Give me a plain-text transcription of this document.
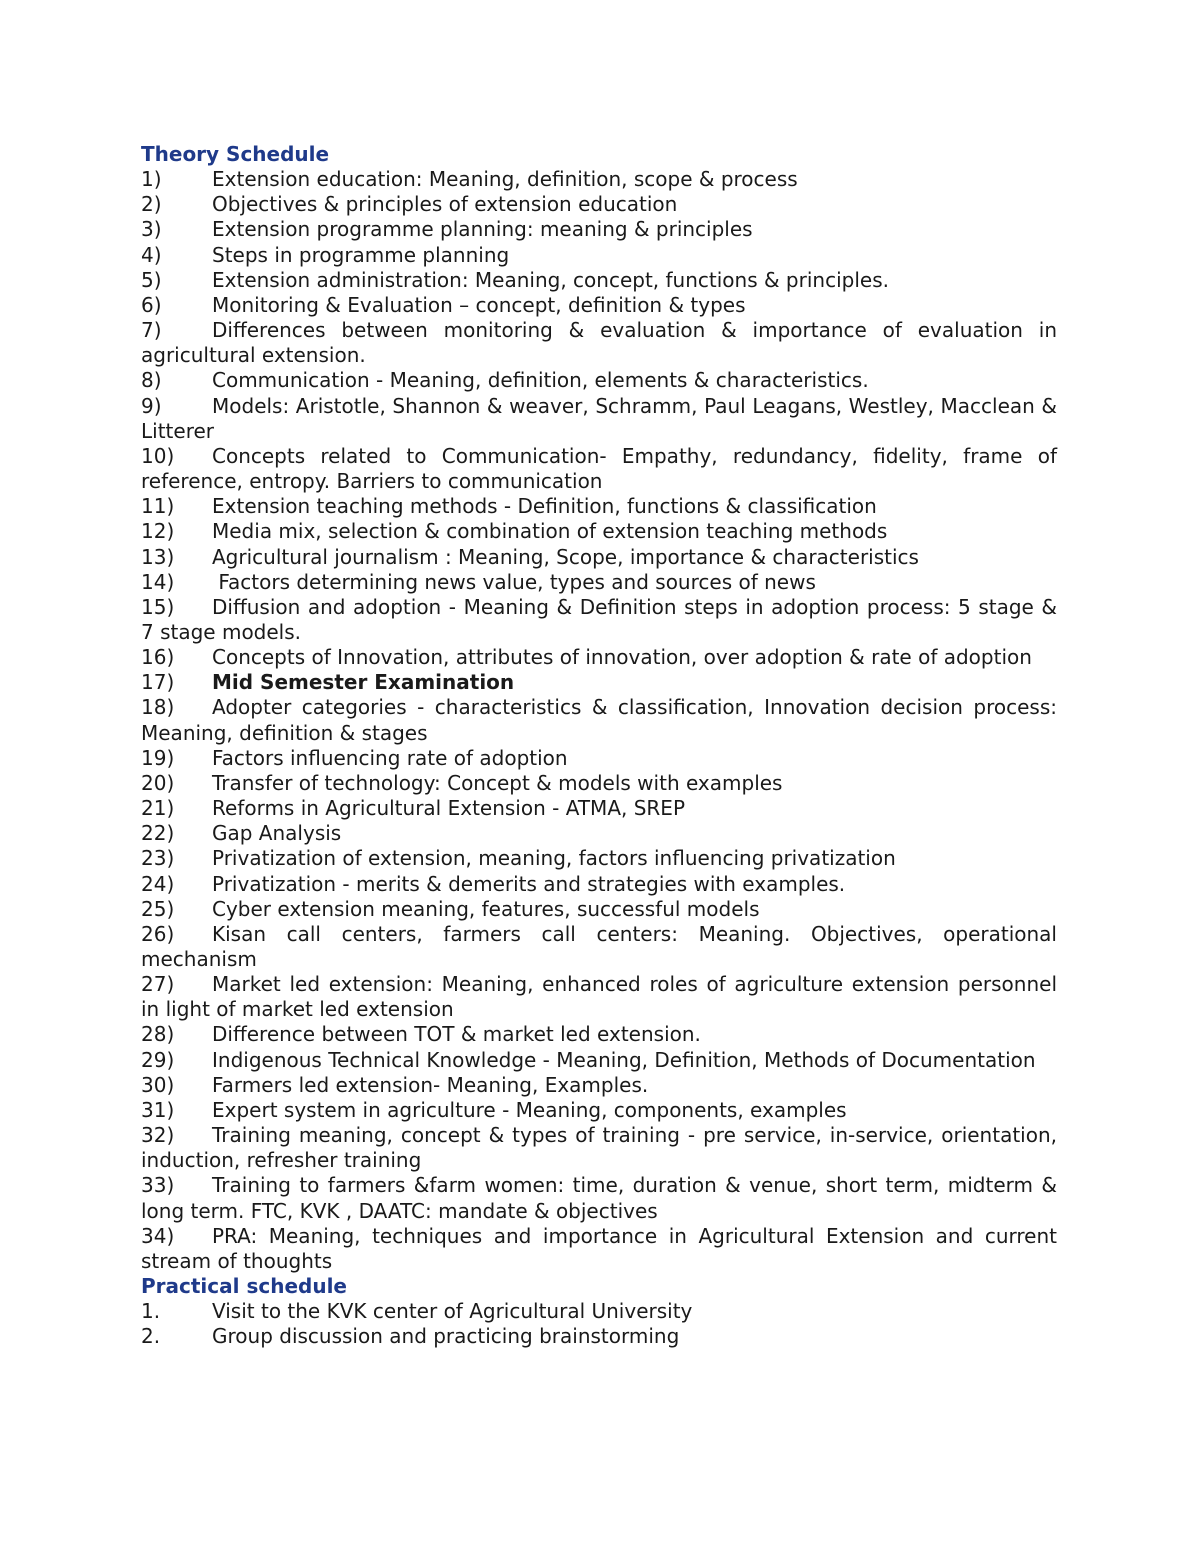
Theory Schedule
1)	Extension education: Meaning, definition, scope & process
2)	Objectives & principles of extension education
3)	Extension programme planning: meaning & principles
4)	Steps in programme planning
5)	Extension administration: Meaning, concept, functions & principles.
6)	Monitoring & Evaluation – concept, definition & types
7)	Differences between monitoring & evaluation & importance of evaluation in agricultural extension.
8)	Communication - Meaning, definition, elements & characteristics.
9)	Models: Aristotle, Shannon & weaver, Schramm, Paul Leagans, Westley, Macclean & Litterer
10) Concepts related to Communication- Empathy, redundancy, fidelity, frame of reference, entropy. Barriers to communication
11) Extension teaching methods - Definition, functions & classification
12) Media mix, selection & combination of extension teaching methods
13) Agricultural journalism : Meaning, Scope, importance & characteristics
14) Factors determining news value, types and sources of news
15) Diffusion and adoption - Meaning & Definition steps in adoption process: 5 stage & 7 stage models.
16) Concepts of Innovation, attributes of innovation, over adoption & rate of adoption
17) Mid Semester Examination
18) Adopter categories - characteristics & classification, Innovation decision process: Meaning, definition & stages
19) Factors influencing rate of adoption
20) Transfer of technology: Concept & models with examples
21) Reforms in Agricultural Extension - ATMA, SREP
22) Gap Analysis
23) Privatization of extension, meaning, factors influencing privatization
24) Privatization - merits & demerits and strategies with examples.
25) Cyber extension meaning, features, successful models
26) Kisan call centers, farmers call centers: Meaning. Objectives, operational mechanism
27) Market led extension: Meaning, enhanced roles of agriculture extension personnel in light of market led extension
28) Difference between TOT & market led extension.
29) Indigenous Technical Knowledge - Meaning, Definition, Methods of Documentation
30) Farmers led extension- Meaning, Examples.
31) Expert system in agriculture - Meaning, components, examples
32) Training meaning, concept & types of training - pre service, in-service, orientation, induction, refresher training
33) Training to farmers &farm women: time, duration & venue, short term, midterm & long term. FTC, KVK , DAATC: mandate & objectives
34) PRA: Meaning, techniques and importance in Agricultural Extension and current stream of thoughts
Practical schedule
1.	Visit to the KVK center of Agricultural University
2.	Group discussion and practicing brainstorming
